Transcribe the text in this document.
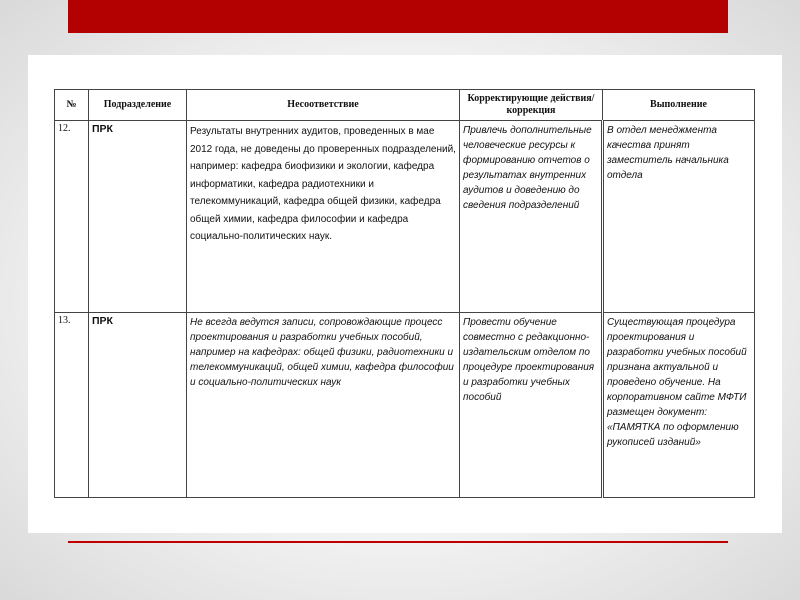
№	Подразделение	Несоответствие	Корректирующие действия/коррекция	Выполнение
12.	ПРК	Результаты внутренних аудитов, проведенных в мае 2012 года, не доведены до проверенных подразделений, например: кафедра биофизики и экологии, кафедра информатики, кафедра радиотехники и телекоммуникаций, кафедра общей физики, кафедра общей химии, кафедра философии и кафедра социально-политических наук.	Привлечь дополнительные человеческие ресурсы к формированию отчетов о результатах внутренних аудитов и доведению до сведения подразделений	В отдел менеджмента качества принят заместитель начальника отдела
13.	ПРК	Не всегда ведутся записи, сопровождающие процесс проектирования и разработки учебных пособий, например на кафедрах: общей физики, радиотехники и телекоммуникаций, общей химии, кафедра философии и социально-политических наук	Провести обучение совместно с редакционно-издательским отделом по процедуре проектирования и разработки учебных пособий	Существующая процедура проектирования и разработки учебных пособий признана актуальной и проведено обучение. На корпоративном сайте МФТИ размещен документ: «ПАМЯТКА по оформлению рукописей изданий»
